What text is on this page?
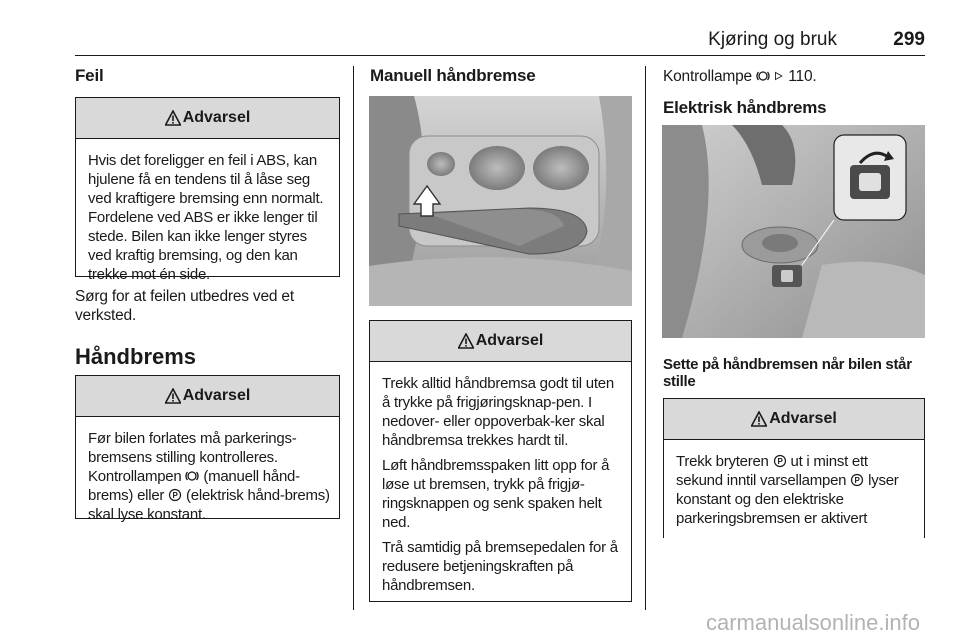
Kjøring og bruk	299
Feil
Advarsel
Hvis det foreligger en feil i ABS, kan hjulene få en tendens til å låse seg ved kraftigere bremsing enn normalt. Fordelene ved ABS er ikke lenger til stede. Bilen kan ikke lenger styres ved kraftig bremsing, og den kan trekke mot én side.
Sørg for at feilen utbedres ved et verksted.
Håndbrems
Advarsel
Før bilen forlates må parkerings-bremsens stilling kontrolleres. Kontrollampen (manuell hånd-brems) eller P (elektrisk hånd-brems) skal lyse konstant.
Manuell håndbremse
Advarsel

Trekk alltid håndbremsa godt til uten å trykke på frigjøringsknap-pen. I nedover- eller oppoverbak-ker skal håndbremsa trekkes hardt til.

Løft håndbremsspaken litt opp for å løse ut bremsen, trykk på frigjø-ringsknappen og senk spaken helt ned.

Trå samtidig på bremsepedalen for å redusere betjeningskraften på håndbremsen.

Kontrollampe 110.
Elektrisk håndbrems
Sette på håndbremsen når bilen står stille
Advarsel
Trekk bryteren P ut i minst ett sekund inntil varsellampen P lyser konstant og den elektriske parkeringsbremsen er aktivert
carmanualsonline.info
